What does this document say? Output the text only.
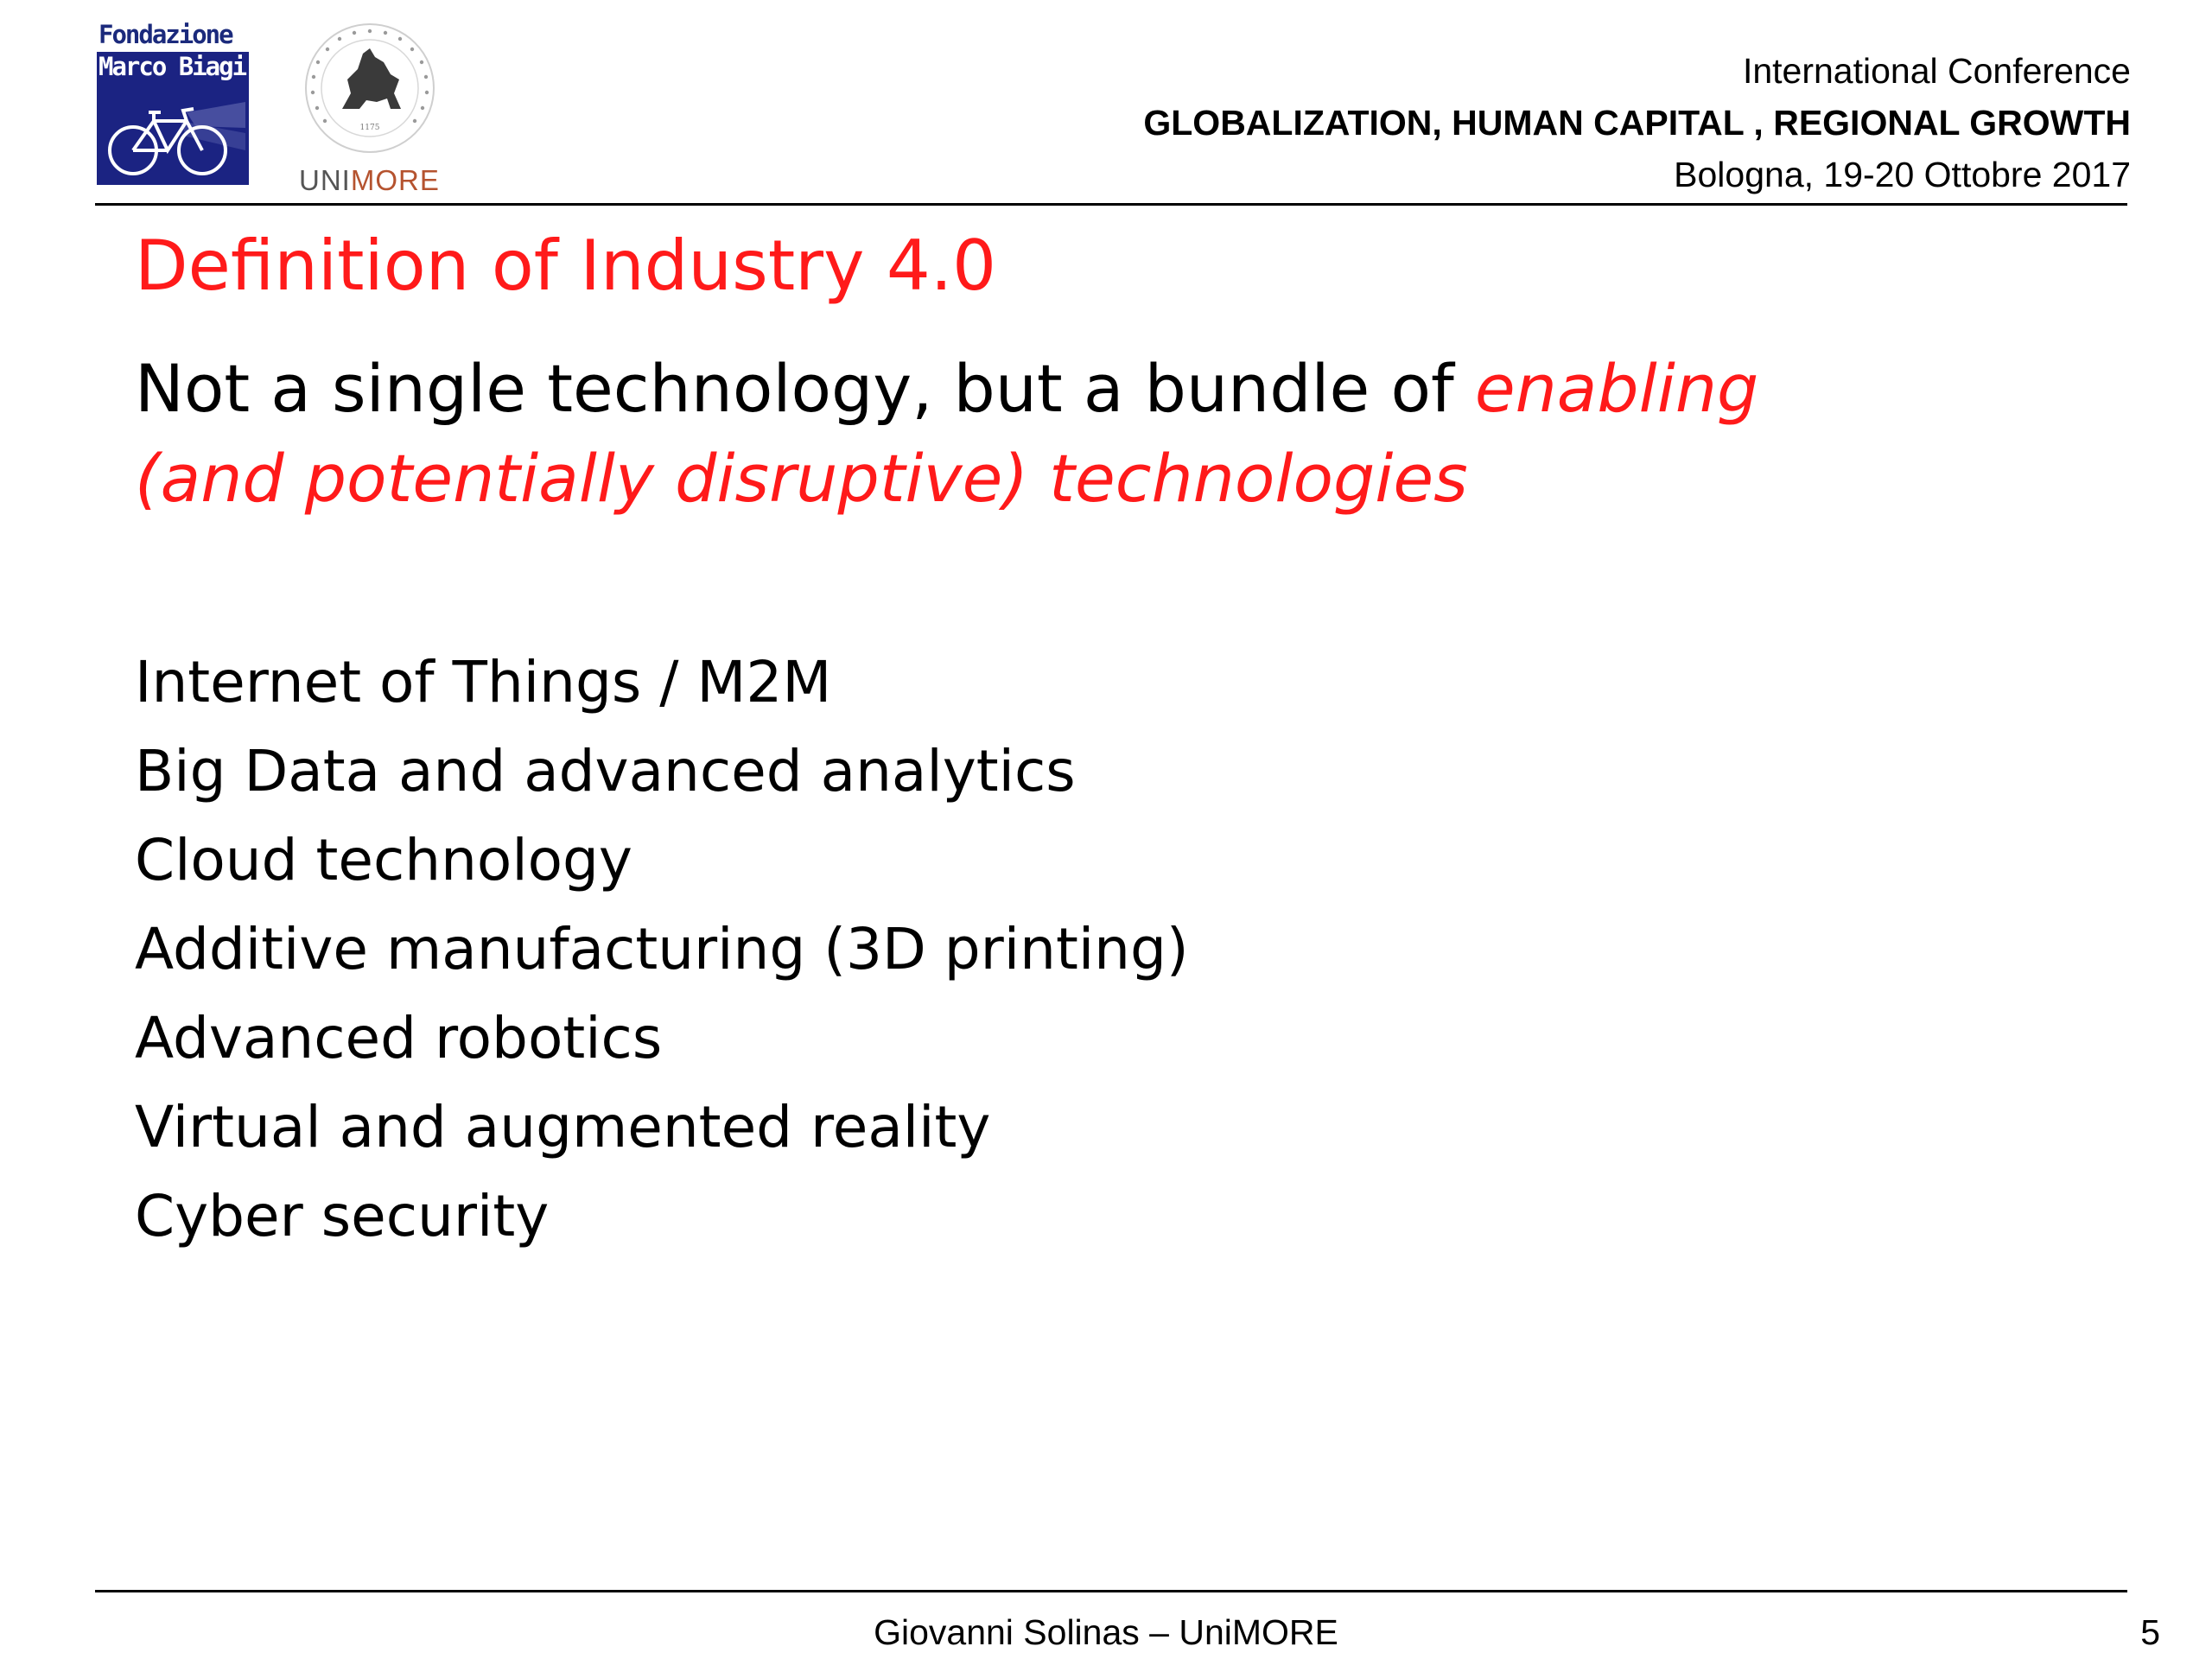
Fondazione
Marco Biagi
1175
UNIMORE
International Conference
GLOBALIZATION, HUMAN CAPITAL , REGIONAL GROWTH
Bologna, 19-20 Ottobre 2017
Definition of Industry 4.0
Not a single technology, but a bundle of enabling
(and potentially disruptive) technologies
Internet of Things / M2M
Big Data and advanced analytics
Cloud technology
Additive manufacturing (3D printing)
Advanced robotics
Virtual and augmented reality
Cyber security
Giovanni Solinas – UniMORE	5
